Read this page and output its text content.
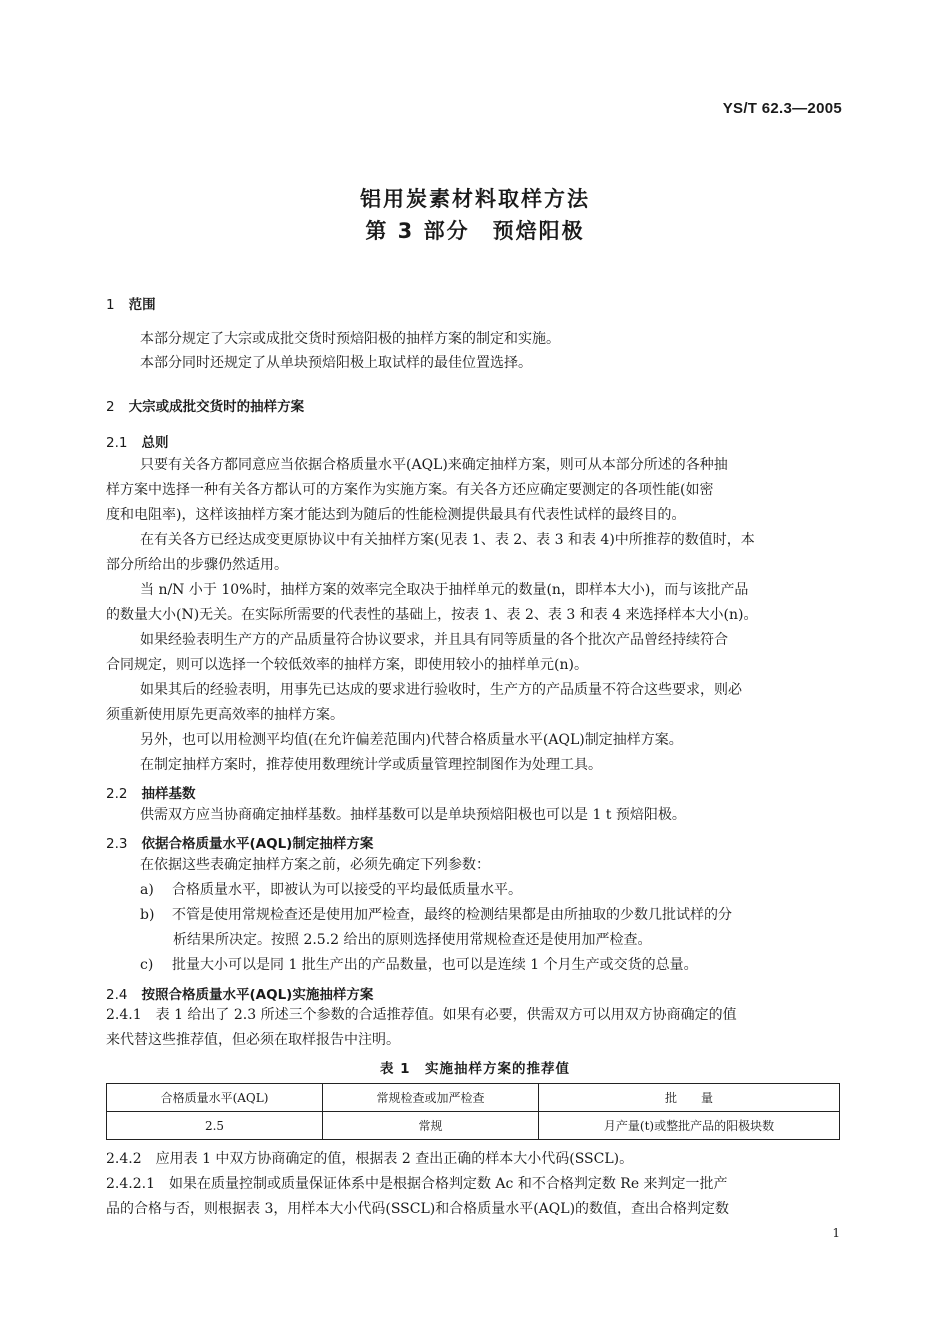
YS/T 62.3—2005
铝用炭素材料取样方法
第 3 部分　预焙阳极
1 范围
本部分规定了大宗或成批交货时预焙阳极的抽样方案的制定和实施。
本部分同时还规定了从单块预焙阳极上取试样的最佳位置选择。
2 大宗或成批交货时的抽样方案
2.1 总则
只要有关各方都同意应当依据合格质量水平(AQL)来确定抽样方案，则可从本部分所述的各种抽
样方案中选择一种有关各方都认可的方案作为实施方案。有关各方还应确定要测定的各项性能(如密
度和电阻率)，这样该抽样方案才能达到为随后的性能检测提供最具有代表性试样的最终目的。
在有关各方已经达成变更原协议中有关抽样方案(见表 1、表 2、表 3 和表 4)中所推荐的数值时，本
部分所给出的步骤仍然适用。
当 n/N 小于 10%时，抽样方案的效率完全取决于抽样单元的数量(n，即样本大小)，而与该批产品
的数量大小(N)无关。在实际所需要的代表性的基础上，按表 1、表 2、表 3 和表 4 来选择样本大小(n)。
如果经验表明生产方的产品质量符合协议要求，并且具有同等质量的各个批次产品曾经持续符合
合同规定，则可以选择一个较低效率的抽样方案，即使用较小的抽样单元(n)。
如果其后的经验表明，用事先已达成的要求进行验收时，生产方的产品质量不符合这些要求，则必
须重新使用原先更高效率的抽样方案。
另外，也可以用检测平均值(在允许偏差范围内)代替合格质量水平(AQL)制定抽样方案。
在制定抽样方案时，推荐使用数理统计学或质量管理控制图作为处理工具。
2.2 抽样基数
供需双方应当协商确定抽样基数。抽样基数可以是单块预焙阳极也可以是 1 t 预焙阳极。
2.3 依据合格质量水平(AQL)制定抽样方案
在依据这些表确定抽样方案之前，必须先确定下列参数：
a) 合格质量水平，即被认为可以接受的平均最低质量水平。
b) 不管是使用常规检查还是使用加严检查，最终的检测结果都是由所抽取的少数几批试样的分
析结果所决定。按照 2.5.2 给出的原则选择使用常规检查还是使用加严检查。
c) 批量大小可以是同 1 批生产出的产品数量，也可以是连续 1 个月生产或交货的总量。
2.4 按照合格质量水平(AQL)实施抽样方案
2.4.1　表 1 给出了 2.3 所述三个参数的合适推荐值。如果有必要，供需双方可以用双方协商确定的值
来代替这些推荐值，但必须在取样报告中注明。
表 1　实施抽样方案的推荐值
合格质量水平(AQL)	常规检查或加严检查	批　　量
2.5	常规	月产量(t)或整批产品的阳极块数
2.4.2　应用表 1 中双方协商确定的值，根据表 2 查出正确的样本大小代码(SSCL)。
2.4.2.1　如果在质量控制或质量保证体系中是根据合格判定数 Ac 和不合格判定数 Re 来判定一批产
品的合格与否，则根据表 3，用样本大小代码(SSCL)和合格质量水平(AQL)的数值，查出合格判定数
1
